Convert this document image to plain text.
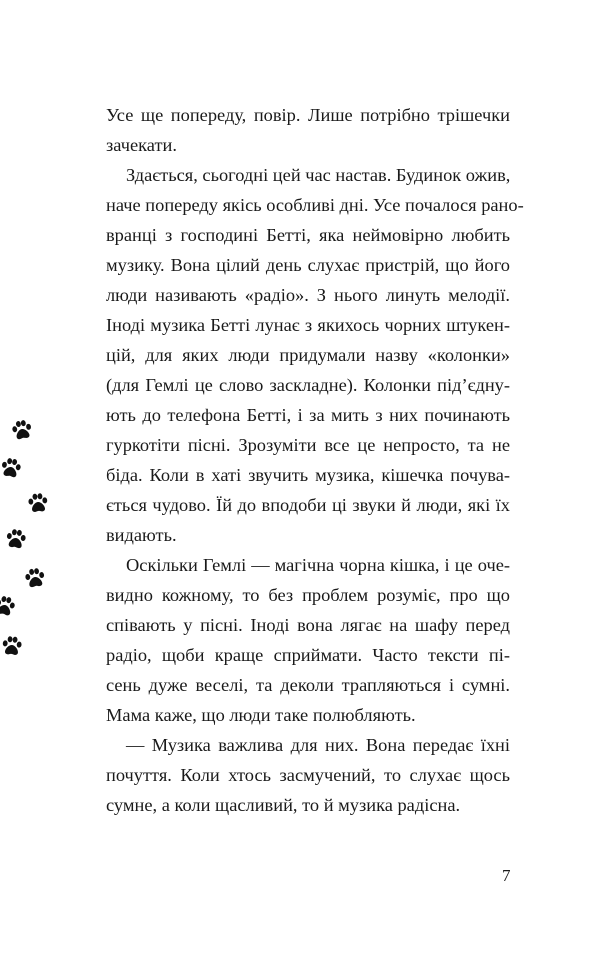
Усе ще попереду, повір. Лише потрібно трішечки
зачекати.
Здається, сьогодні цей час настав. Будинок ожив,
наче попереду якісь особливі дні. Усе почалося рано-
вранці з господині Бетті, яка неймовірно любить
музику. Вона цілий день слухає пристрій, що його
люди називають «радіо». З нього линуть мелодії.
Іноді музика Бетті лунає з якихось чорних штукен-
цій, для яких люди придумали назву «колонки»
(для Гемлі це слово заскладне). Колонки під’єдну-
ють до телефона Бетті, і за мить з них починають
гуркотіти пісні. Зрозуміти все це непросто, та не
біда. Коли в хаті звучить музика, кішечка почува-
ється чудово. Їй до вподоби ці звуки й люди, які їх
видають.
Оскільки Гемлі — магічна чорна кішка, і це оче-
видно кожному, то без проблем розуміє, про що
співають у пісні. Іноді вона лягає на шафу перед
радіо, щоби краще сприймати. Часто тексти пі-
сень дуже веселі, та деколи трапляються і сумні.
Мама каже, що люди таке полюбляють.
— Музика важлива для них. Вона передає їхні
почуття. Коли хтось засмучений, то слухає щось
сумне, а коли щасливий, то й музика радісна.
7
